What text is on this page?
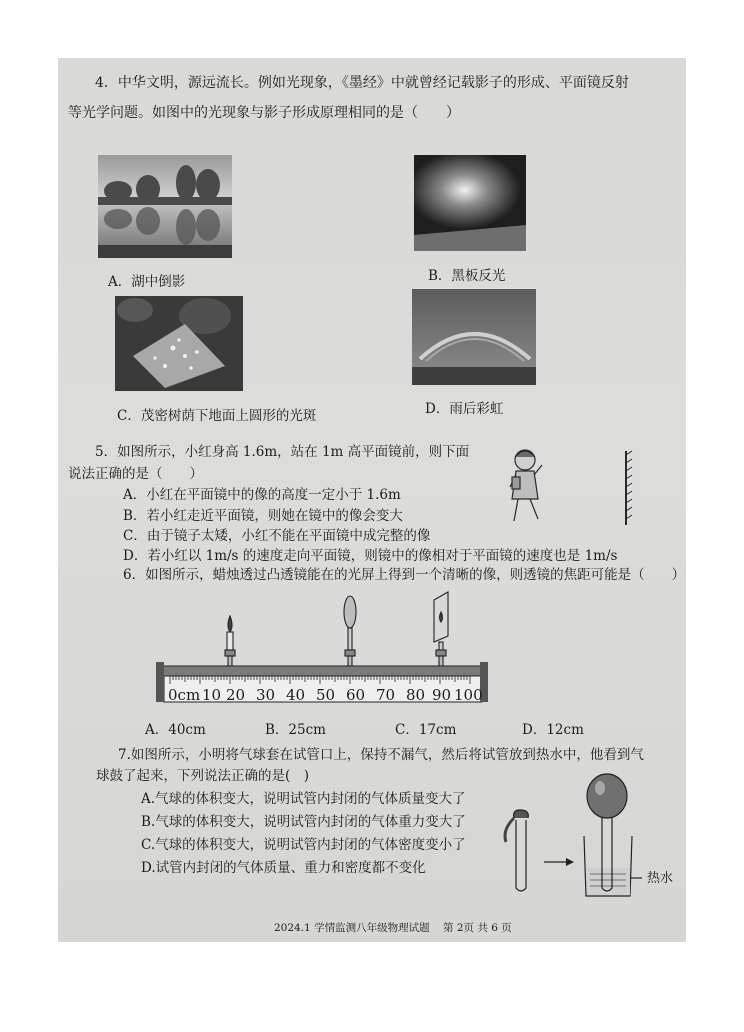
4．中华文明，源远流长。例如光现象，《墨经》中就曾经记载影子的形成、平面镜反射
等光学问题。如图中的光现象与影子形成原理相同的是（　　）
A．湖中倒影	B．黑板反光
C．茂密树荫下地面上圆形的光斑	D．雨后彩虹
5．如图所示，小红身高 1.6m，站在 1m 高平面镜前，则下面
说法正确的是（　　）
A．小红在平面镜中的像的高度一定小于 1.6m
B．若小红走近平面镜，则她在镜中的像会变大
C．由于镜子太矮，小红不能在平面镜中成完整的像
D．若小红以 1m/s 的速度走向平面镜，则镜中的像相对于平面镜的速度也是 1m/s
6．如图所示，蜡烛透过凸透镜能在的光屏上得到一个清晰的像，则透镜的焦距可能是（　　）
0cm 10 20 30 40 50 60 70 80 90 100
A．40cm	B．25cm	C．17cm	D．12cm
7.如图所示，小明将气球套在试管口上，保持不漏气，然后将试管放到热水中，他看到气
球鼓了起来，下列说法正确的是(　)
A.气球的体积变大，说明试管内封闭的气体质量变大了
B.气球的体积变大，说明试管内封闭的气体重力变大了
C.气球的体积变大，说明试管内封闭的气体密度变小了
D.试管内封闭的气体质量、重力和密度都不变化
热水
2024.1 学情监测八年级物理试题 第 2页 共 6 页
